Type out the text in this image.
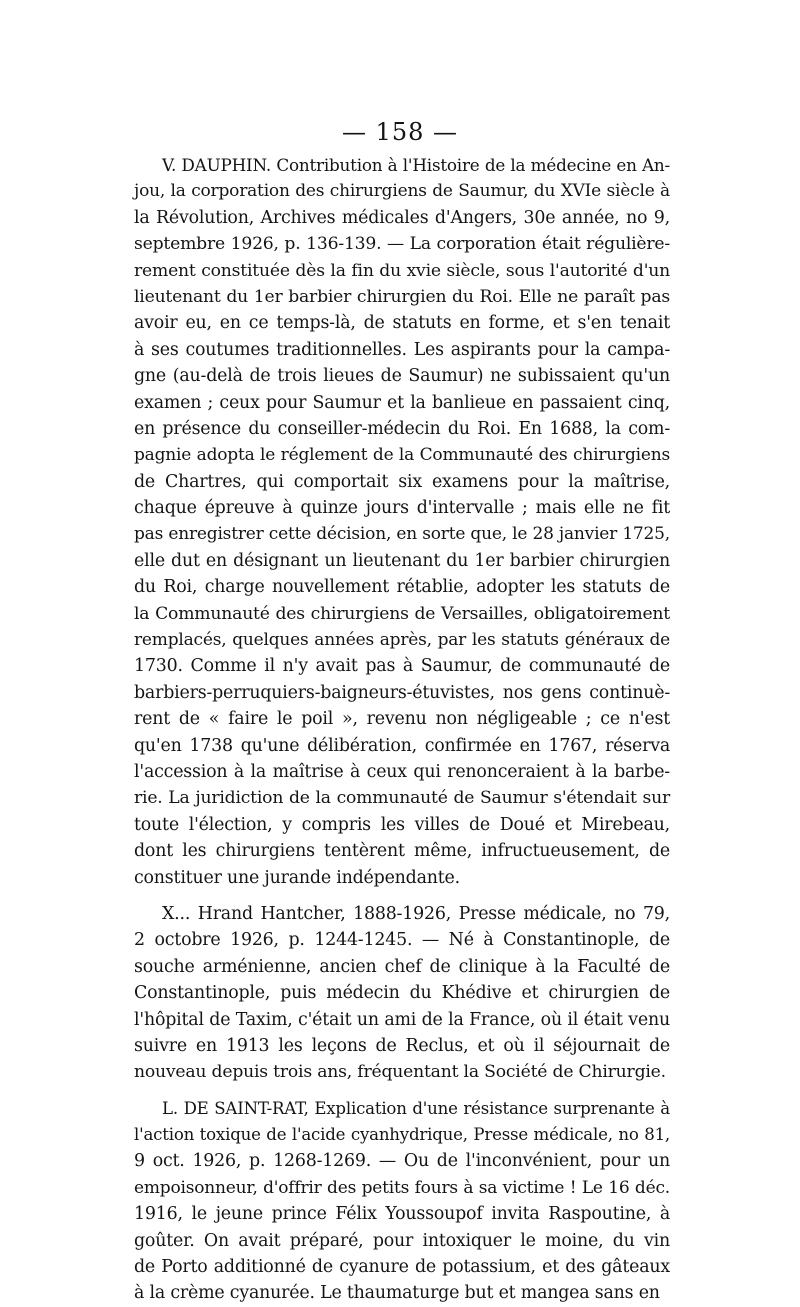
— 158 —
V. DAUPHIN. Contribution à l'Histoire de la médecine en An-
jou, la corporation des chirurgiens de Saumur, du XVIe siècle à
la Révolution, Archives médicales d'Angers, 30e année, no 9,
septembre 1926, p. 136-139. — La corporation était régulière-
rement constituée dès la fin du xvie siècle, sous l'autorité d'un
lieutenant du 1er barbier chirurgien du Roi. Elle ne paraît pas
avoir eu, en ce temps-là, de statuts en forme, et s'en tenait
à ses coutumes traditionnelles. Les aspirants pour la campa-
gne (au-delà de trois lieues de Saumur) ne subissaient qu'un
examen ; ceux pour Saumur et la banlieue en passaient cinq,
en présence du conseiller-médecin du Roi. En 1688, la com-
pagnie adopta le réglement de la Communauté des chirurgiens
de Chartres, qui comportait six examens pour la maîtrise,
chaque épreuve à quinze jours d'intervalle ; mais elle ne fit
pas enregistrer cette décision, en sorte que, le 28 janvier 1725,
elle dut en désignant un lieutenant du 1er barbier chirurgien
du Roi, charge nouvellement rétablie, adopter les statuts de
la Communauté des chirurgiens de Versailles, obligatoirement
remplacés, quelques années après, par les statuts généraux de
1730. Comme il n'y avait pas à Saumur, de communauté de
barbiers-perruquiers-baigneurs-étuvistes, nos gens continuè-
rent de « faire le poil », revenu non négligeable ; ce n'est
qu'en 1738 qu'une délibération, confirmée en 1767, réserva
l'accession à la maîtrise à ceux qui renonceraient à la barbe-
rie. La juridiction de la communauté de Saumur s'étendait sur
toute l'élection, y compris les villes de Doué et Mirebeau,
dont les chirurgiens tentèrent même, infructueusement, de
constituer une jurande indépendante.
X... Hrand Hantcher, 1888-1926, Presse médicale, no 79,
2 octobre 1926, p. 1244-1245. — Né à Constantinople, de
souche arménienne, ancien chef de clinique à la Faculté de
Constantinople, puis médecin du Khédive et chirurgien de
l'hôpital de Taxim, c'était un ami de la France, où il était venu
suivre en 1913 les leçons de Reclus, et où il séjournait de
nouveau depuis trois ans, fréquentant la Société de Chirurgie.
L. DE SAINT-RAT, Explication d'une résistance surprenante à
l'action toxique de l'acide cyanhydrique, Presse médicale, no 81,
9 oct. 1926, p. 1268-1269. — Ou de l'inconvénient, pour un
empoisonneur, d'offrir des petits fours à sa victime ! Le 16 déc.
1916, le jeune prince Félix Youssoupof invita Raspoutine, à
goûter. On avait préparé, pour intoxiquer le moine, du vin
de Porto additionné de cyanure de potassium, et des gâteaux
à la crème cyanurée. Le thaumaturge but et mangea sans en
